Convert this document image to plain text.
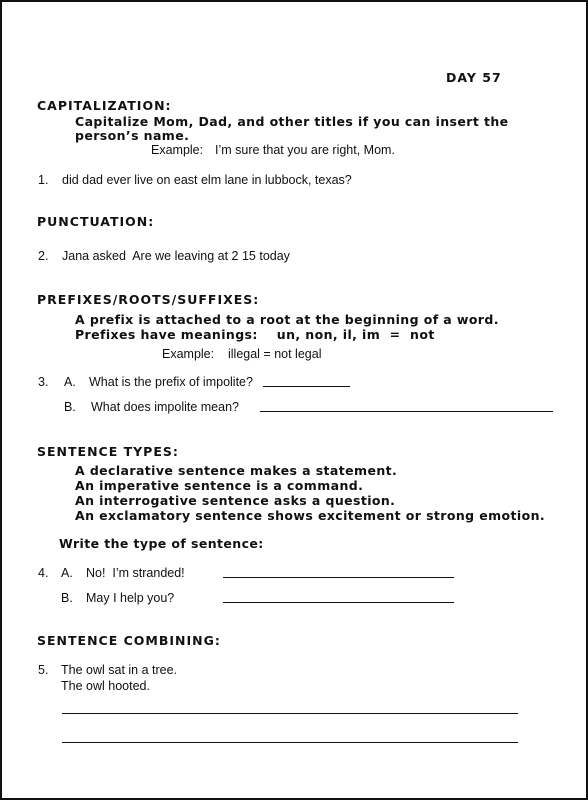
DAY 57
CAPITALIZATION:
Capitalize Mom, Dad, and other titles if you can insert the
person’s name.
Example: I’m sure that you are right, Mom.
1. did dad ever live on east elm lane in lubbock, texas?
PUNCTUATION:
2. Jana asked  Are we leaving at 2 15 today
PREFIXES/ROOTS/SUFFIXES:
A prefix is attached to a root at the beginning of a word.
Prefixes have meanings:    un, non, il, im  =  not
Example: illegal = not legal
3. A. What is the prefix of impolite?
B. What does impolite mean?
SENTENCE TYPES:
A declarative sentence makes a statement.
An imperative sentence is a command.
An interrogative sentence asks a question.
An exclamatory sentence shows excitement or strong emotion.
Write the type of sentence:
4. A. No!  I’m stranded!
B. May I help you?
SENTENCE COMBINING:
5. The owl sat in a tree.
The owl hooted.
